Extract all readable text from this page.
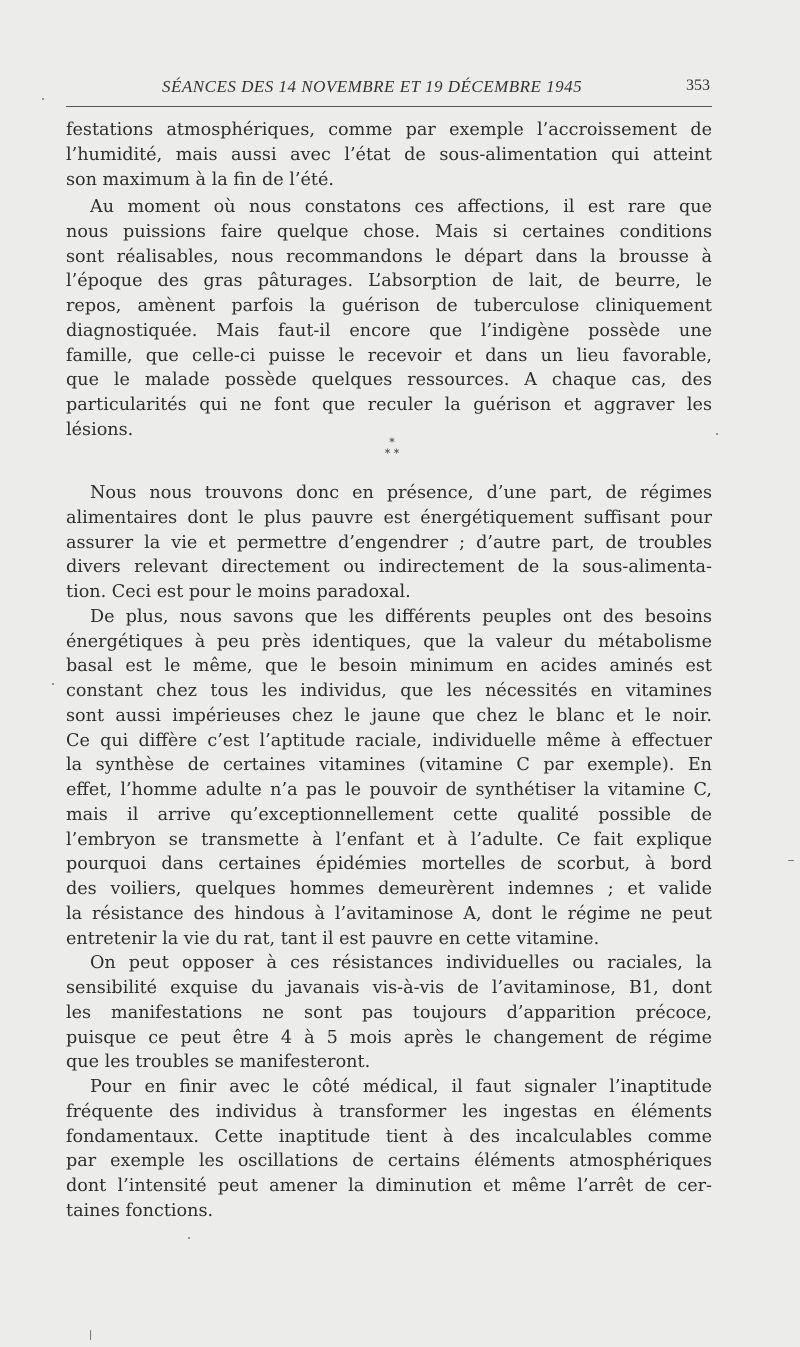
SÉANCES DES 14 NOVEMBRE ET 19 DÉCEMBRE 1945	353
festations atmosphériques, comme par exemple l’accroissement de
l’humidité, mais aussi avec l’état de sous-alimentation qui atteint
son maximum à la fin de l’été.
Au moment où nous constatons ces affections, il est rare que
nous puissions faire quelque chose. Mais si certaines conditions
sont réalisables, nous recommandons le départ dans la brousse à
l’époque des gras pâturages. L’absorption de lait, de beurre, le
repos, amènent parfois la guérison de tuberculose cliniquement
diagnostiquée. Mais faut-il encore que l’indigène possède une
famille, que celle-ci puisse le recevoir et dans un lieu favorable,
que le malade possède quelques ressources. A chaque cas, des
particularités qui ne font que reculer la guérison et aggraver les
lésions.
*
* *
Nous nous trouvons donc en présence, d’une part, de régimes
alimentaires dont le plus pauvre est énergétiquement suffisant pour
assurer la vie et permettre d’engendrer ; d’autre part, de troubles
divers relevant directement ou indirectement de la sous-alimenta-
tion. Ceci est pour le moins paradoxal.
De plus, nous savons que les différents peuples ont des besoins
énergétiques à peu près identiques, que la valeur du métabolisme
basal est le même, que le besoin minimum en acides aminés est
constant chez tous les individus, que les nécessités en vitamines
sont aussi impérieuses chez le jaune que chez le blanc et le noir.
Ce qui diffère c’est l’aptitude raciale, individuelle même à effectuer
la synthèse de certaines vitamines (vitamine C par exemple). En
effet, l’homme adulte n’a pas le pouvoir de synthétiser la vitamine C,
mais il arrive qu’exceptionnellement cette qualité possible de
l’embryon se transmette à l’enfant et à l’adulte. Ce fait explique
pourquoi dans certaines épidémies mortelles de scorbut, à bord
des voiliers, quelques hommes demeurèrent indemnes ; et valide
la résistance des hindous à l’avitaminose A, dont le régime ne peut
entretenir la vie du rat, tant il est pauvre en cette vitamine.
On peut opposer à ces résistances individuelles ou raciales, la
sensibilité exquise du javanais vis-à-vis de l’avitaminose, B1, dont
les manifestations ne sont pas toujours d’apparition précoce,
puisque ce peut être 4 à 5 mois après le changement de régime
que les troubles se manifesteront.
Pour en finir avec le côté médical, il faut signaler l’inaptitude
fréquente des individus à transformer les ingestas en éléments
fondamentaux. Cette inaptitude tient à des incalculables comme
par exemple les oscillations de certains éléments atmosphériques
dont l’intensité peut amener la diminution et même l’arrêt de cer-
taines fonctions.
